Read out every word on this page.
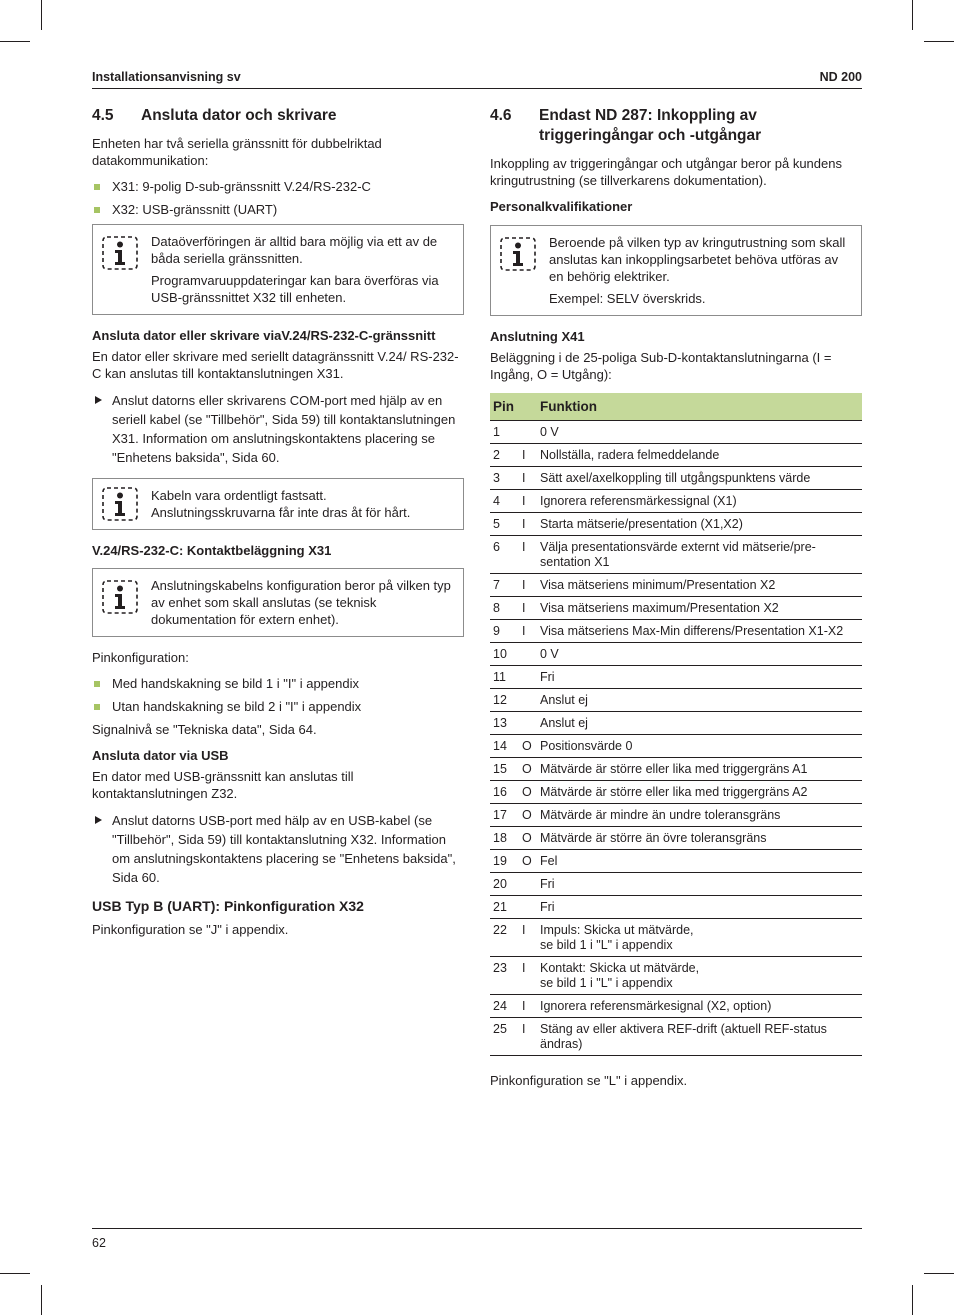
Installationsanvisning sv	ND 200
4.5	Ansluta dator och skrivare

Enheten har två seriella gränssnitt för dubbelriktad datakommunikation:

X31: 9-polig D-sub-gränssnitt V.24/RS-232-C
X32: USB-gränssnitt (UART)

Dataöverföringen är alltid bara möjlig via ett av de båda seriella gränssnitten.

Programvaruuppdateringar kan bara överföras via USB-gränssnittet X32 till enheten.

Ansluta dator eller skrivare viaV.24/RS-232-C-gränssnitt

En dator eller skrivare med seriellt datagränssnitt V.24/ RS-232-C kan anslutas till kontaktanslutningen X31.

Anslut datorns eller skrivarens COM-port med hjälp av en seriell kabel (se "Tillbehör", Sida 59) till kontaktanslutningen X31. Information om anslutningskontaktens placering se "Enhetens baksida", Sida 60.

Kabeln vara ordentligt fastsatt. Anslutningsskruvarna får inte dras åt för hårt.

V.24/RS-232-C: Kontaktbeläggning X31

Anslutningskabelns konfiguration beror på vilken typ av enhet som skall anslutas (se teknisk dokumentation för extern enhet).

Pinkonfiguration:

Med handskakning se bild 1 i "I" i appendix
Utan handskakning se bild 2 i "I" i appendix

Signalnivå se "Tekniska data", Sida 64.

Ansluta dator via USB

En dator med USB-gränssnitt kan anslutas till kontaktanslutningen Z32.

Anslut datorns USB-port med hälp av en USB-kabel (se "Tillbehör", Sida 59) till kontaktanslutning X32. Information om anslutningskontaktens placering se "Enhetens baksida", Sida 60.
USB Typ B (UART): Pinkonfiguration X32

Pinkonfiguration se "J" i appendix.

4.6	Endast ND 287: Inkoppling av triggeringångar och -utgångar

Inkoppling av triggeringångar och utgångar beror på kundens kringutrustning (se tillverkarens dokumentation).

Personalkvalifikationer

Beroende på vilken typ av kringutrustning som skall anslutas kan inkopplingsarbetet behöva utföras av en behörig elektriker.

Exempel: SELV överskrids.

Anslutning X41

Beläggning i de 25-poliga Sub-D-kontaktanslutningarna (I = Ingång, O = Utgång):

Pin		Funktion
1		0 V

2	I	Nollställa, radera felmeddelande

3	I	Sätt axel/axelkoppling till utgångspunktens värde

4	I	Ignorera referensmärkessignal (X1)

5	I	Starta mätserie/presentation (X1,X2)

6	I	Välja presentationsvärde externt vid mätserie/pre-sentation X1

7	I	Visa mätseriens minimum/Presentation X2

8	I	Visa mätseriens maximum/Presentation X2

9	I	Visa mätseriens Max-Min differens/Presentation X1-X2

10		0 V

11		Fri

12		Anslut ej

13		Anslut ej

14	O	Positionsvärde 0

15	O	Mätvärde är större eller lika med triggergräns A1

16	O	Mätvärde är större eller lika med triggergräns A2

17	O	Mätvärde är mindre än undre toleransgräns

18	O	Mätvärde är större än övre toleransgräns

19	O	Fel

20		Fri

21		Fri

22	I	Impuls: Skicka ut mätvärde,
se bild 1 i "L" i appendix

23	I	Kontakt: Skicka ut mätvärde,
se bild 1 i "L" i appendix

24	I	Ignorera referensmärkesignal (X2, option)

25	I	Stäng av eller aktivera REF-drift (aktuell REF-status ändras)

Pinkonfiguration se "L" i appendix.

62
